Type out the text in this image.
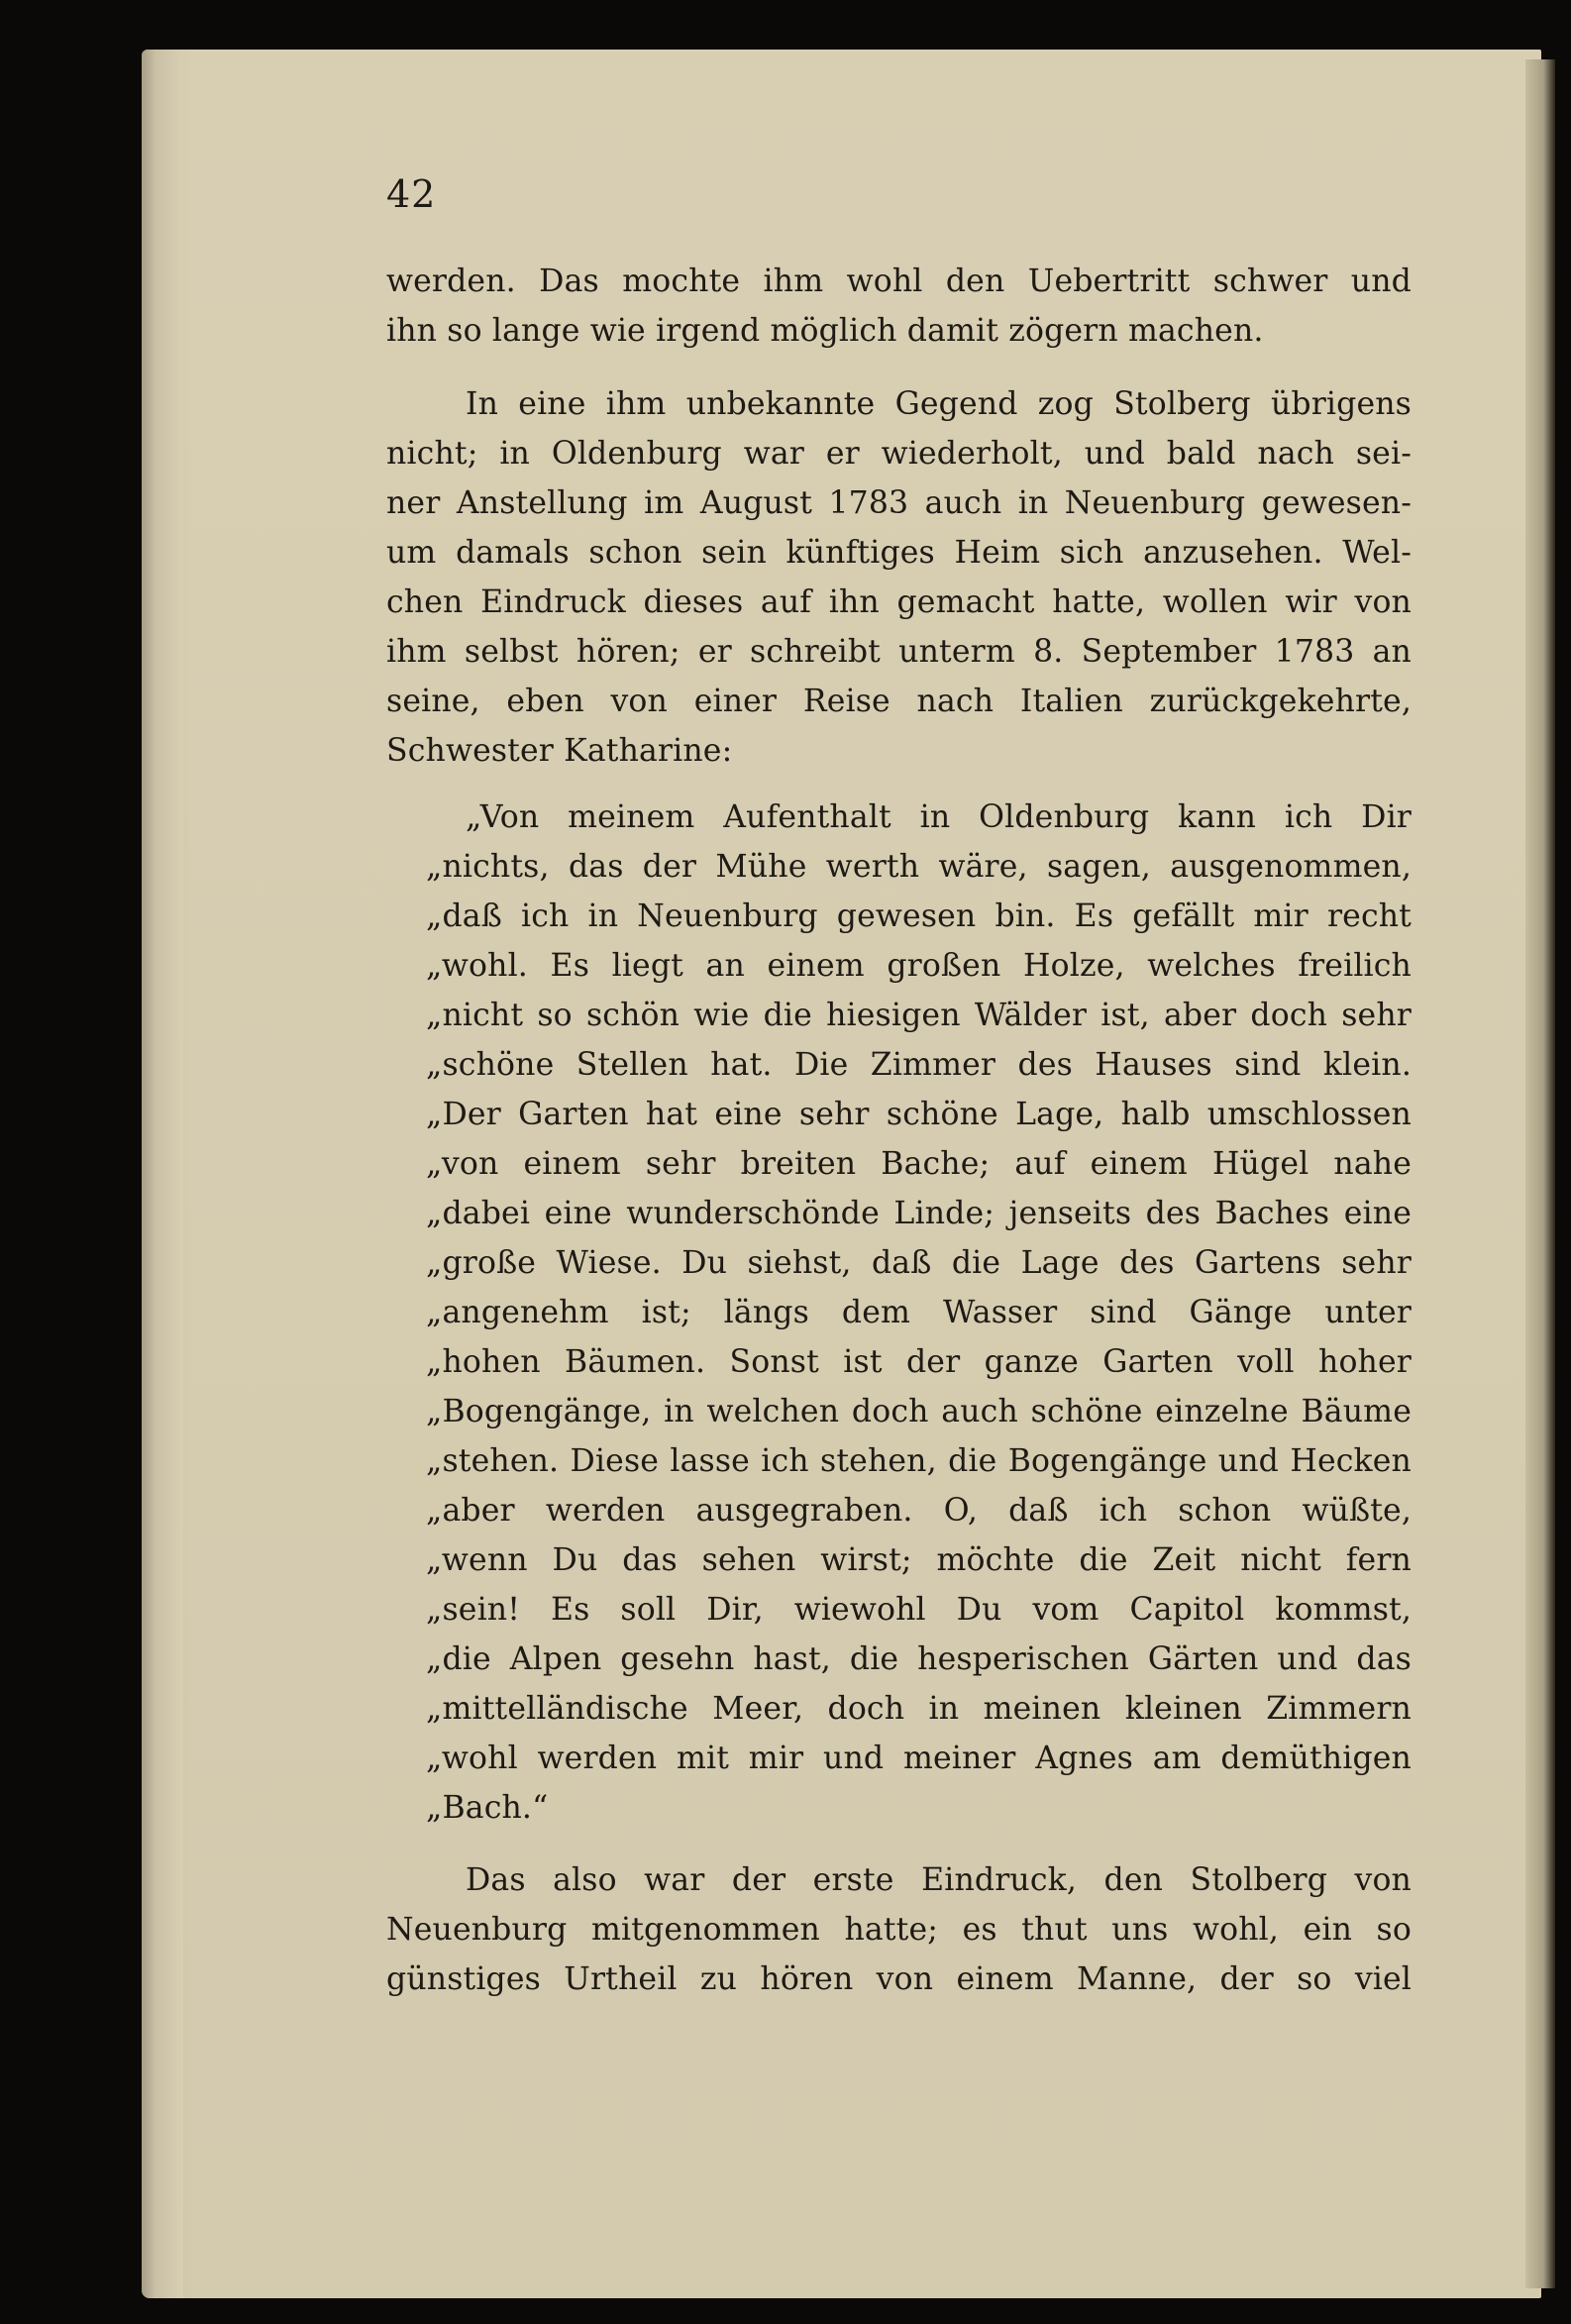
42
werden. Das mochte ihm wohl den Uebertritt schwer und
ihn so lange wie irgend möglich damit zögern machen.
In eine ihm unbekannte Gegend zog Stolberg übrigens
nicht; in Oldenburg war er wiederholt, und bald nach sei-
ner Anstellung im August 1783 auch in Neuenburg gewesen-
um damals schon sein künftiges Heim sich anzusehen. Wel-
chen Eindruck dieses auf ihn gemacht hatte, wollen wir von
ihm selbst hören; er schreibt unterm 8. September 1783 an
seine, eben von einer Reise nach Italien zurückgekehrte,
Schwester Katharine:
„Von meinem Aufenthalt in Oldenburg kann ich Dir
„nichts, das der Mühe werth wäre, sagen, ausgenommen,
„daß ich in Neuenburg gewesen bin. Es gefällt mir recht
„wohl. Es liegt an einem großen Holze, welches freilich
„nicht so schön wie die hiesigen Wälder ist, aber doch sehr
„schöne Stellen hat. Die Zimmer des Hauses sind klein.
„Der Garten hat eine sehr schöne Lage, halb umschlossen
„von einem sehr breiten Bache; auf einem Hügel nahe
„dabei eine wunderschönde Linde; jenseits des Baches eine
„große Wiese. Du siehst, daß die Lage des Gartens sehr
„angenehm ist; längs dem Wasser sind Gänge unter
„hohen Bäumen. Sonst ist der ganze Garten voll hoher
„Bogengänge, in welchen doch auch schöne einzelne Bäume
„stehen. Diese lasse ich stehen, die Bogengänge und Hecken
„aber werden ausgegraben. O, daß ich schon wüßte,
„wenn Du das sehen wirst; möchte die Zeit nicht fern
„sein! Es soll Dir, wiewohl Du vom Capitol kommst,
„die Alpen gesehn hast, die hesperischen Gärten und das
„mittelländische Meer, doch in meinen kleinen Zimmern
„wohl werden mit mir und meiner Agnes am demüthigen
„Bach.“
Das also war der erste Eindruck, den Stolberg von
Neuenburg mitgenommen hatte; es thut uns wohl, ein so
günstiges Urtheil zu hören von einem Manne, der so viel
